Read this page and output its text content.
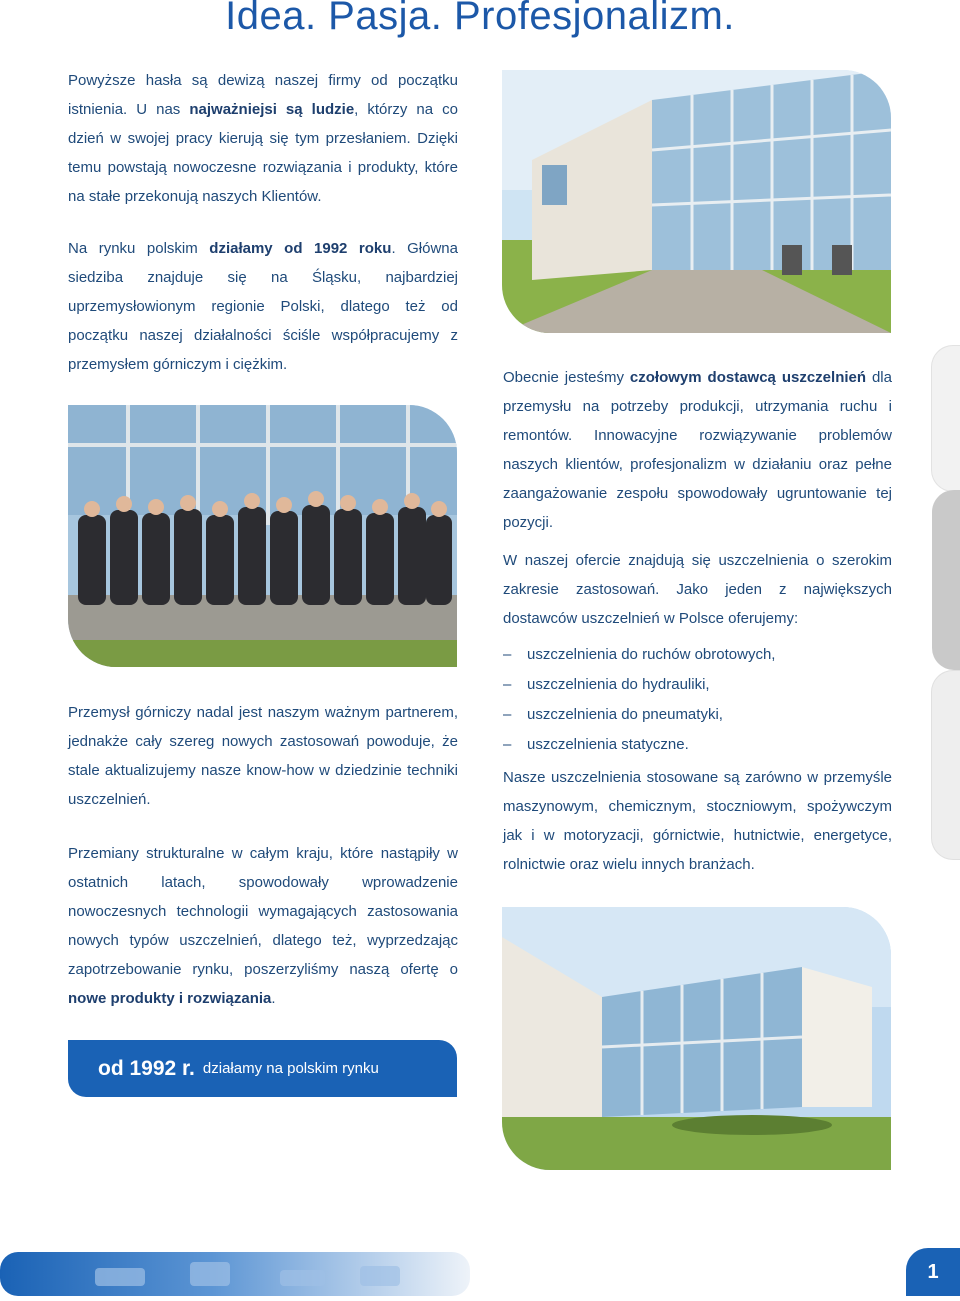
Idea. Pasja. Profesjonalizm.

Powyższe hasła są dewizą naszej firmy od początku istnienia. U nas najważniejsi są ludzie, którzy na co dzień w swojej pracy kierują się tym przesłaniem. Dzięki temu powstają nowoczesne rozwiązania i produkty, które na stałe przekonują naszych Klientów.

Na rynku polskim działamy od 1992 roku. Główna siedziba znajduje się na Śląsku, najbardziej uprzemysłowionym regionie Polski, dlatego też od początku naszej działalności ściśle współpracujemy z przemysłem górniczym i ciężkim.

Przemysł górniczy nadal jest naszym ważnym partnerem, jednakże cały szereg nowych zastosowań powoduje, że stale aktualizujemy nasze know-how w dziedzinie techniki uszczelnień.

Przemiany strukturalne w całym kraju, które nastąpiły w ostatnich latach, spowodowały wprowadzenie nowoczesnych technologii wymagających zastosowania nowych typów uszczelnień, dlatego też, wyprzedzając zapotrzebowanie rynku, poszerzyliśmy naszą ofertę o nowe produkty i rozwiązania.

Obecnie jesteśmy czołowym dostawcą uszczelnień dla przemysłu na potrzeby produkcji, utrzymania ruchu i remontów. Innowacyjne rozwiązywanie problemów naszych klientów, profesjonalizm w działaniu oraz pełne zaangażowanie zespołu spowodowały ugruntowanie tej pozycji.

W naszej ofercie znajdują się uszczelnienia o szerokim zakresie zastosowań. Jako jeden z największych dostawców uszczelnień w Polsce oferujemy:

– uszczelnienia do ruchów obrotowych,
– uszczelnienia do hydrauliki,
– uszczelnienia do pneumatyki,
– uszczelnienia statyczne.

Nasze uszczelnienia stosowane są zarówno w przemyśle maszynowym, chemicznym, stoczniowym, spożywczym jak i w motoryzacji, górnictwie, hutnictwie, energetyce, rolnictwie oraz wielu innych branżach.

od 1992 r. działamy na polskim rynku
1
